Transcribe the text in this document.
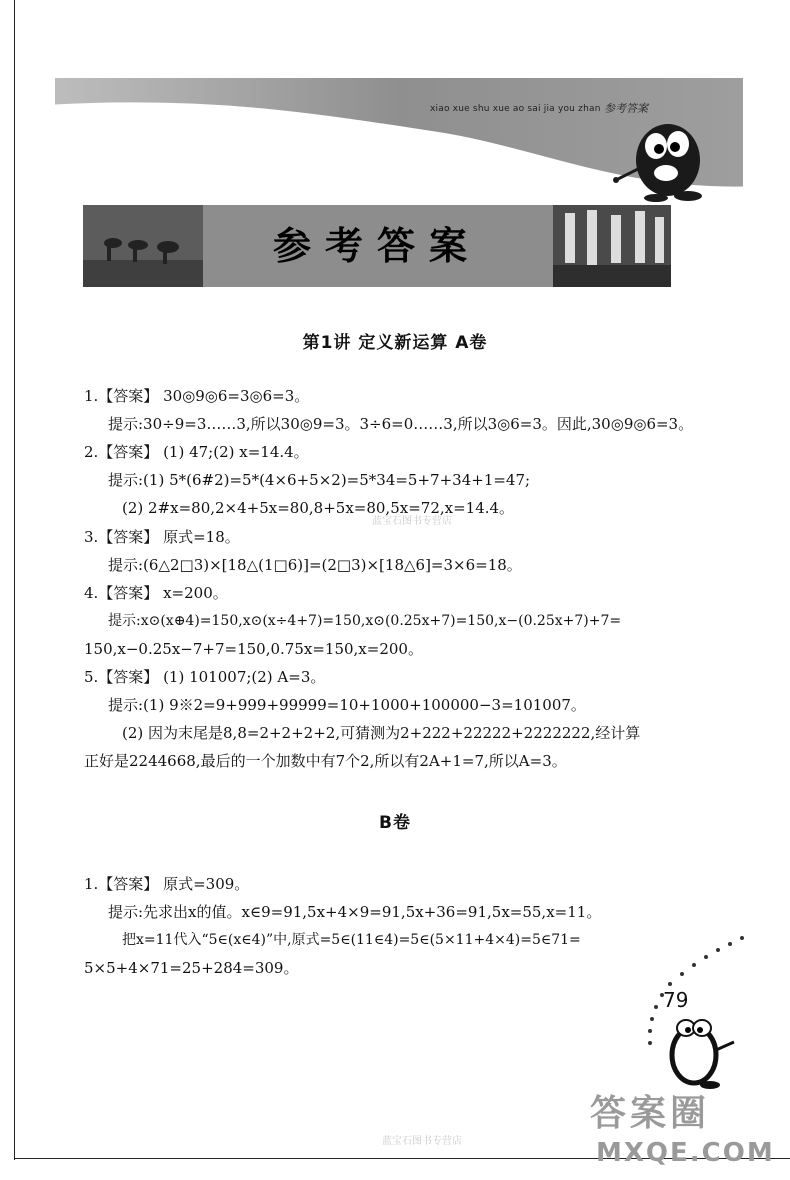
xiao xue shu xue ao sai jia you zhan 参考答案
参考答案
第1讲 定义新运算 A卷
1.【答案】 30◎9◎6=3◎6=3。
提示:30÷9=3……3,所以30◎9=3。3÷6=0……3,所以3◎6=3。因此,30◎9◎6=3。
2.【答案】 (1) 47;(2) x=14.4。
提示:(1) 5*(6#2)=5*(4×6+5×2)=5*34=5+7+34+1=47;
(2) 2#x=80,2×4+5x=80,8+5x=80,5x=72,x=14.4。
3.【答案】 原式=18。
提示:(6△2□3)×[18△(1□6)]=(2□3)×[18△6]=3×6=18。
4.【答案】 x=200。
提示:x⊙(x⊕4)=150,x⊙(x÷4+7)=150,x⊙(0.25x+7)=150,x−(0.25x+7)+7=
150,x−0.25x−7+7=150,0.75x=150,x=200。
5.【答案】 (1) 101007;(2) A=3。
提示:(1) 9※2=9+999+99999=10+1000+100000−3=101007。
(2) 因为末尾是8,8=2+2+2+2,可猜测为2+222+22222+2222222,经计算
正好是2244668,最后的一个加数中有7个2,所以有2A+1=7,所以A=3。
B卷
1.【答案】 原式=309。
提示:先求出x的值。x∈9=91,5x+4×9=91,5x+36=91,5x=55,x=11。
把x=11代入“5∈(x∈4)”中,原式=5∈(11∈4)=5∈(5×11+4×4)=5∈71=
5×5+4×71=25+284=309。
79
蓝宝石图书专营店
蓝宝石图书专营店
答案圈
MXQE.COM
